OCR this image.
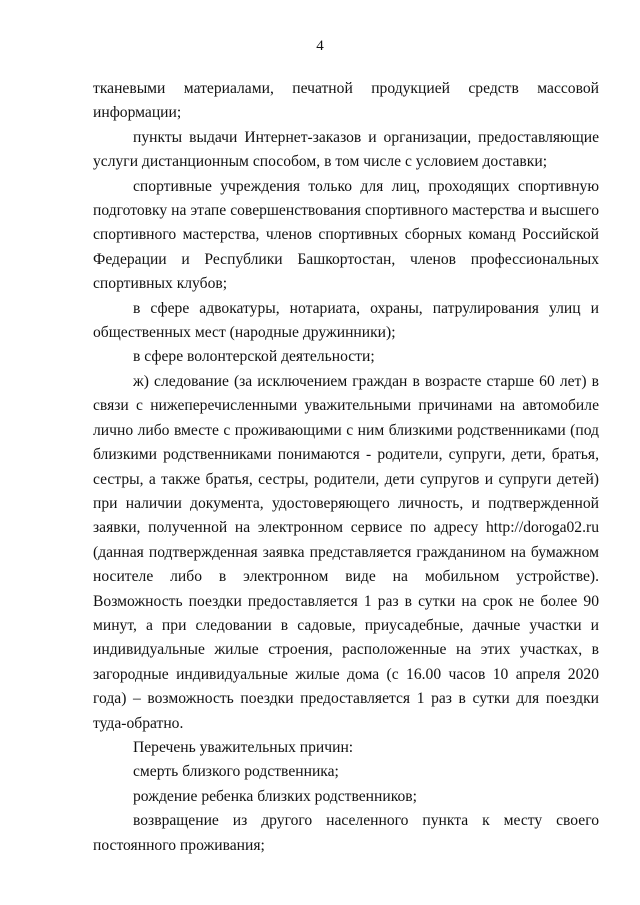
4

тканевыми материалами, печатной продукцией средств массовой информации;

пункты выдачи Интернет-заказов и организации, предоставляющие услуги дистанционным способом, в том числе с условием доставки;

спортивные учреждения только для лиц, проходящих спортивную подготовку на этапе совершенствования спортивного мастерства и высшего спортивного мастерства, членов спортивных сборных команд Российской Федерации и Республики Башкортостан, членов профессиональных спортивных клубов;

в сфере адвокатуры, нотариата, охраны, патрулирования улиц и общественных мест (народные дружинники);

в сфере волонтерской деятельности;

ж) следование (за исключением граждан в возрасте старше 60 лет) в связи с нижеперечисленными уважительными причинами на автомобиле лично либо вместе с проживающими с ним близкими родственниками (под близкими родственниками понимаются - родители, супруги, дети, братья, сестры, а также братья, сестры, родители, дети супругов и супруги детей) при наличии документа, удостоверяющего личность, и подтвержденной заявки, полученной на электронном сервисе по адресу http://doroga02.ru (данная подтвержденная заявка представляется гражданином на бумажном носителе либо в электронном виде на мобильном устройстве). Возможность поездки предоставляется 1 раз в сутки на срок не более 90 минут, а при следовании в садовые, приусадебные, дачные участки и индивидуальные жилые строения, расположенные на этих участках, в загородные индивидуальные жилые дома (с 16.00 часов 10 апреля 2020 года) – возможность поездки предоставляется 1 раз в сутки для поездки туда-обратно.

Перечень уважительных причин:

смерть близкого родственника;

рождение ребенка близких родственников;

возвращение из другого населенного пункта к месту своего постоянного проживания;
